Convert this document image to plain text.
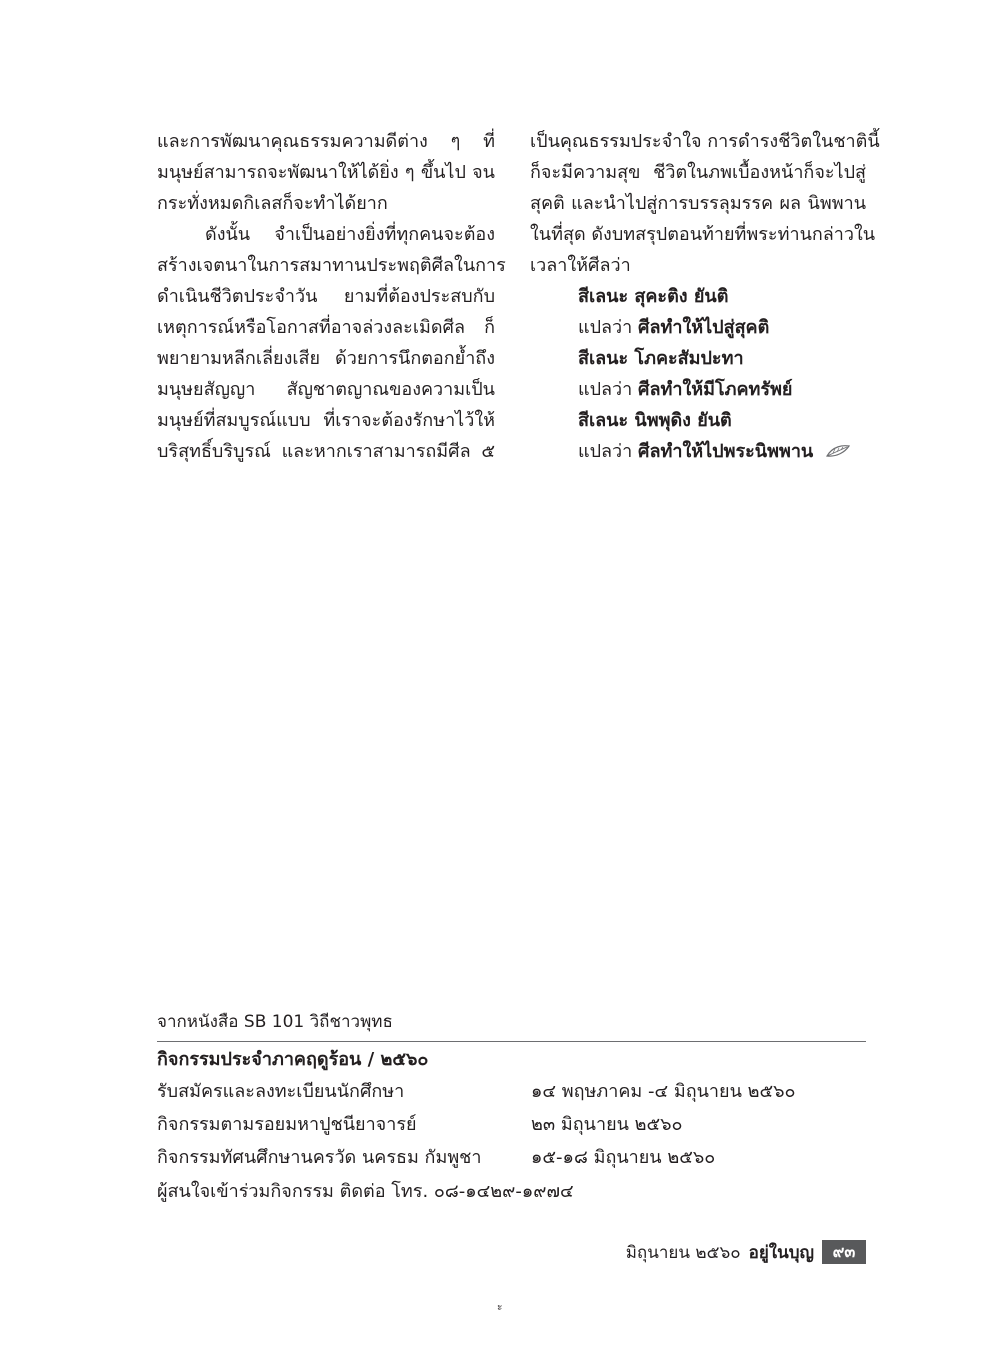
และการพัฒนาคุณธรรมความดีต่าง ๆ ที่
มนุษย์สามารถจะพัฒนาให้ได้ยิ่ง ๆ ขึ้นไป จน
กระทั่งหมดกิเลสก็จะทำได้ยาก
ดังนั้น จำเป็นอย่างยิ่งที่ทุกคนจะต้อง
สร้างเจตนาในการสมาทานประพฤติศีลในการ
ดำเนินชีวิตประจำวัน ยามที่ต้องประสบกับ
เหตุการณ์หรือโอกาสที่อาจล่วงละเมิดศีล ก็
พยายามหลีกเลี่ยงเสีย ด้วยการนึกตอกย้ำถึง
มนุษยสัญญา สัญชาตญาณของความเป็น
มนุษย์ที่สมบูรณ์แบบ ที่เราจะต้องรักษาไว้ให้
บริสุทธิ์บริบูรณ์ และหากเราสามารถมีศีล ๕
เป็นคุณธรรมประจำใจ การดำรงชีวิตในชาตินี้
ก็จะมีความสุข ชีวิตในภพเบื้องหน้าก็จะไปสู่
สุคติ และนำไปสู่การบรรลุมรรค ผล นิพพาน
ในที่สุด ดังบทสรุปตอนท้ายที่พระท่านกล่าวใน
เวลาให้ศีลว่า
สีเลนะ สุคะติง ยันติ
แปลว่า ศีลทำให้ไปสู่สุคติ
สีเลนะ โภคะสัมปะทา
แปลว่า ศีลทำให้มีโภคทรัพย์
สีเลนะ นิพพุดิง ยันติ
แปลว่า ศีลทำให้ไปพระนิพพาน
จากหนังสือ SB 101 วิถีชาวพุทธ
กิจกรรมประจำภาคฤดูร้อน / ๒๕๖๐
รับสมัครและลงทะเบียนนักศึกษา	๑๔ พฤษภาคม -๔ มิถุนายน ๒๕๖๐
กิจกรรมตามรอยมหาปูชนียาจารย์	๒๓ มิถุนายน ๒๕๖๐
กิจกรรมทัศนศึกษานครวัด นครธม กัมพูชา	๑๕-๑๘ มิถุนายน ๒๕๖๐
ผู้สนใจเข้าร่วมกิจกรรม ติดต่อ โทร. ๐๘-๑๔๒๙-๑๙๗๔
มิถุนายน ๒๕๖๐ อยู่ในบุญ	๙๓
ะ
